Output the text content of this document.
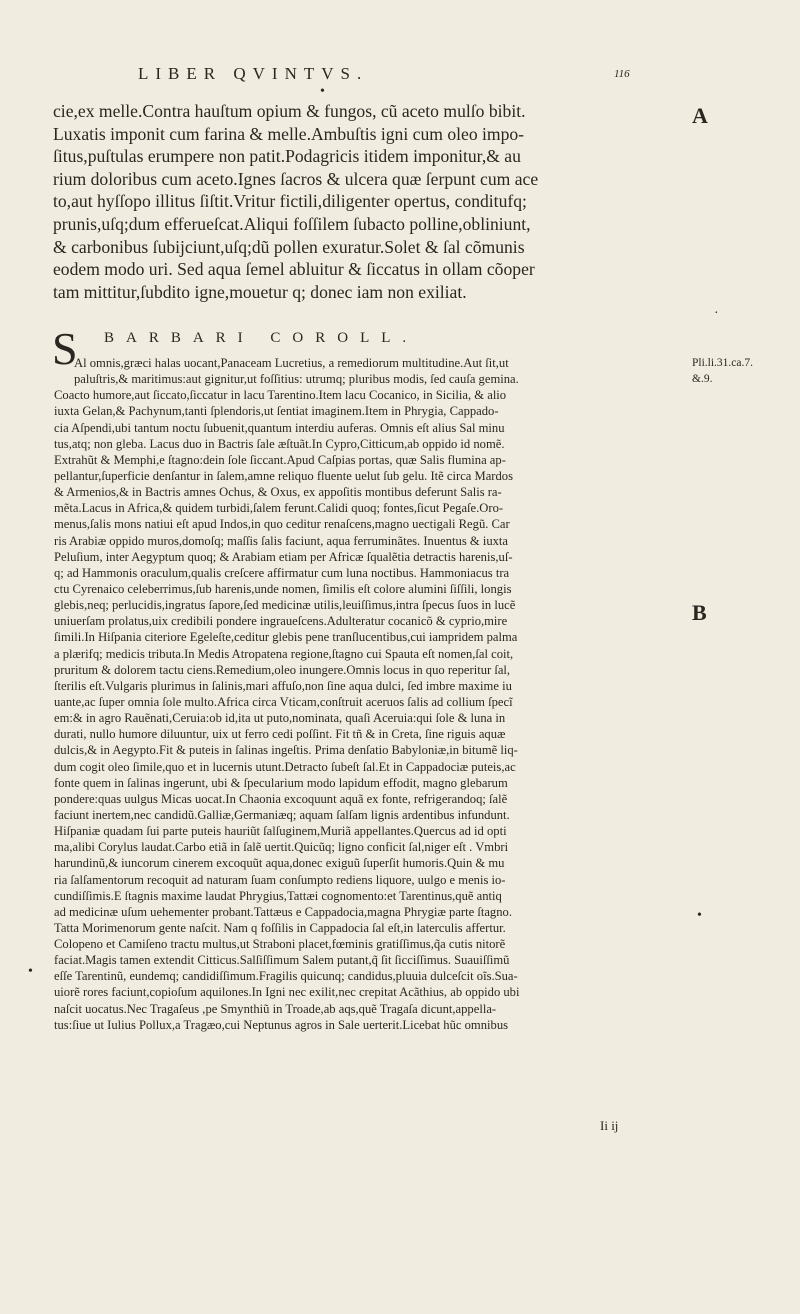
LIBER QVINTVS.	116
•
cie,ex melle.Contra hauſtum opium & fungos, cũ aceto mulſo bibit.
Luxatis imponit cum farina & melle.Ambuſtis igni cum oleo impo-
ſitus,puſtulas erumpere non patit.Podagricis itidem imponitur,& au
rium doloribus cum aceto.Ignes ſacros & ulcera quæ ſerpunt cum ace
to,aut hyſſopo illitus ſiſtit.Vritur fictili,diligenter opertus, conditufq;
prunis,uſq;dum efferueſcat.Aliqui foſſilem ſubacto polline,obliniunt,
& carbonibus ſubijciunt,uſq;dũ pollen exuratur.Solet & ſal cõmunis
eodem modo uri. Sed aqua ſemel abluitur & ſiccatus in ollam cõoper
tam mittitur,ſubdito igne,mouetur q; donec iam non exiliat.
A
B
BARBARI COROLL.
S
Al omnis,græci halas uocant,Panaceam Lucretius, a remediorum multitudine.Aut ſit,ut
paluſtris,& maritimus:aut gignitur,ut foſſitius: utrumq; pluribus modis, ſed cauſa gemina.
Coacto humore,aut ſiccato,ſiccatur in lacu Tarentino.Item lacu Cocanico, in Sicilia, & alio
iuxta Gelan,& Pachynum,tanti ſplendoris,ut ſentiat imaginem.Item in Phrygia, Cappado-
cia Aſpendi,ubi tantum noctu ſubuenit,quantum interdiu auferas. Omnis eſt alius Sal minu
tus,atq; non gleba. Lacus duo in Bactris ſale æſtuãt.In Cypro,Citticum,ab oppido id nomẽ.
Extrahũt & Memphi,e ſtagno:dein ſole ſiccant.Apud Caſpias portas, quæ Salis flumina ap-
pellantur,ſuperficie denſantur in ſalem,amne reliquo fluente uelut ſub gelu. Itẽ circa Mardos
& Armenios,& in Bactris amnes Ochus, & Oxus, ex appoſitis montibus deferunt Salis ra-
mẽta.Lacus in Africa,& quidem turbidi,ſalem ferunt.Calidi quoq; fontes,ſicut Pegaſe.Oro-
menus,ſalis mons natiui eſt apud Indos,in quo ceditur renaſcens,magno uectigali Regũ. Car
ris Arabiæ oppido muros,domoſq; maſſis ſalis faciunt, aqua ferruminãtes. Inuentus & iuxta
Peluſium, inter Aegyptum quoq; & Arabiam etiam per Africæ ſqualẽtia detractis harenis,uſ-
q; ad Hammonis oraculum,qualis creſcere affirmatur cum luna noctibus. Hammoniacus tra
ctu Cyrenaico celeberrimus,ſub harenis,unde nomen, ſimilis eſt colore alumini ſiſſili, longis
glebis,neq; perlucidis,ingratus ſapore,ſed medicinæ utilis,leuiſſimus,intra ſpecus ſuos in lucẽ
uniuerſam prolatus,uix credibili pondere ingraueſcens.Adulteratur cocanicõ & cyprio,mire
ſimili.In Hiſpania citeriore Egeleſte,ceditur glebis pene tranſlucentibus,cui iampridem palma
a plærifq; medicis tributa.In Medis Atropatena regione,ſtagno cui Spauta eſt nomen,ſal coit,
pruritum & dolorem tactu ciens.Remedium,oleo inungere.Omnis locus in quo reperitur ſal,
ſterilis eſt.Vulgaris plurimus in ſalinis,mari affuſo,non ſine aqua dulci, ſed imbre maxime iu
uante,ac ſuper omnia ſole multo.Africa circa Vticam,conſtruit aceruos ſalis ad collium ſpecĩ
em:& in agro Rauẽnati,Ceruia:ob id,ita ut puto,nominata, quaſi Aceruia:qui ſole & luna in
durati, nullo humore diluuntur, uix ut ferro cedi poſſint. Fit tñ & in Creta, ſine riguis aquæ
dulcis,& in Aegypto.Fit & puteis in ſalinas ingeſtis. Prima denſatio Babyloniæ,in bitumẽ liq-
dum cogit oleo ſimile,quo et in lucernis utunt.Detracto ſubeſt ſal.Et in Cappadociæ puteis,ac
fonte quem in ſalinas ingerunt, ubi & ſpecularium modo lapidum effodit, magno glebarum
pondere:quas uulgus Micas uocat.In Chaonia excoquunt aquã ex fonte, refrigerandoq; ſalẽ
faciunt inertem,nec candidũ.Galliæ,Germaniæq; aquam ſalſam lignis ardentibus infundunt.
Hiſpaniæ quadam ſui parte puteis hauriũt ſalſuginem,Muriã appellantes.Quercus ad id opti
ma,alibi Corylus laudat.Carbo etiã in ſalẽ uertit.Quicũq; ligno conficit ſal,niger eſt . Vmbri
harundinũ,& iuncorum cinerem excoquũt aqua,donec exiguũ ſuperſit humoris.Quin & mu
ria ſalſamentorum recoquit ad naturam ſuam conſumpto rediens liquore, uulgo e menis io-
cundiſſimis.E ſtagnis maxime laudat Phrygius,Tattæi cognomento:et Tarentinus,quẽ antiq
ad medicinæ uſum uehementer probant.Tattæus e Cappadocia,magna Phrygiæ parte ſtagno.
Tatta Morimenorum gente naſcit. Nam q foſſilis in Cappadocia ſal eſt,in laterculis affertur.
Colopeno et Camiſeno tractu multus,ut Straboni placet,fœminis gratiſſimus,q̃a cutis nitorẽ
faciat.Magis tamen extendit Citticus.Salſiſſimum Salem putant,q̃ ſit ſicciſſimus. Suauiſſimũ
eſſe Tarentinũ, eundemq; candidiſſimum.Fragilis quicunq; candidus,pluuia dulceſcit oĩs.Sua-
uiorẽ rores faciunt,copioſum aquilones.In Igni nec exilit,nec crepitat Acãthius, ab oppido ubi
naſcit uocatus.Nec Tragaſeus ,pe Smynthiũ in Troade,ab aqs,quẽ Tragaſa dicunt,appella-
tus:ſiue ut Iulius Pollux,a Tragæo,cui Neptunus agros in Sale uerterit.Licebat hũc omnibus
Pli.li.31.ca.7.
&.9.
·
•
•
Ii ij
